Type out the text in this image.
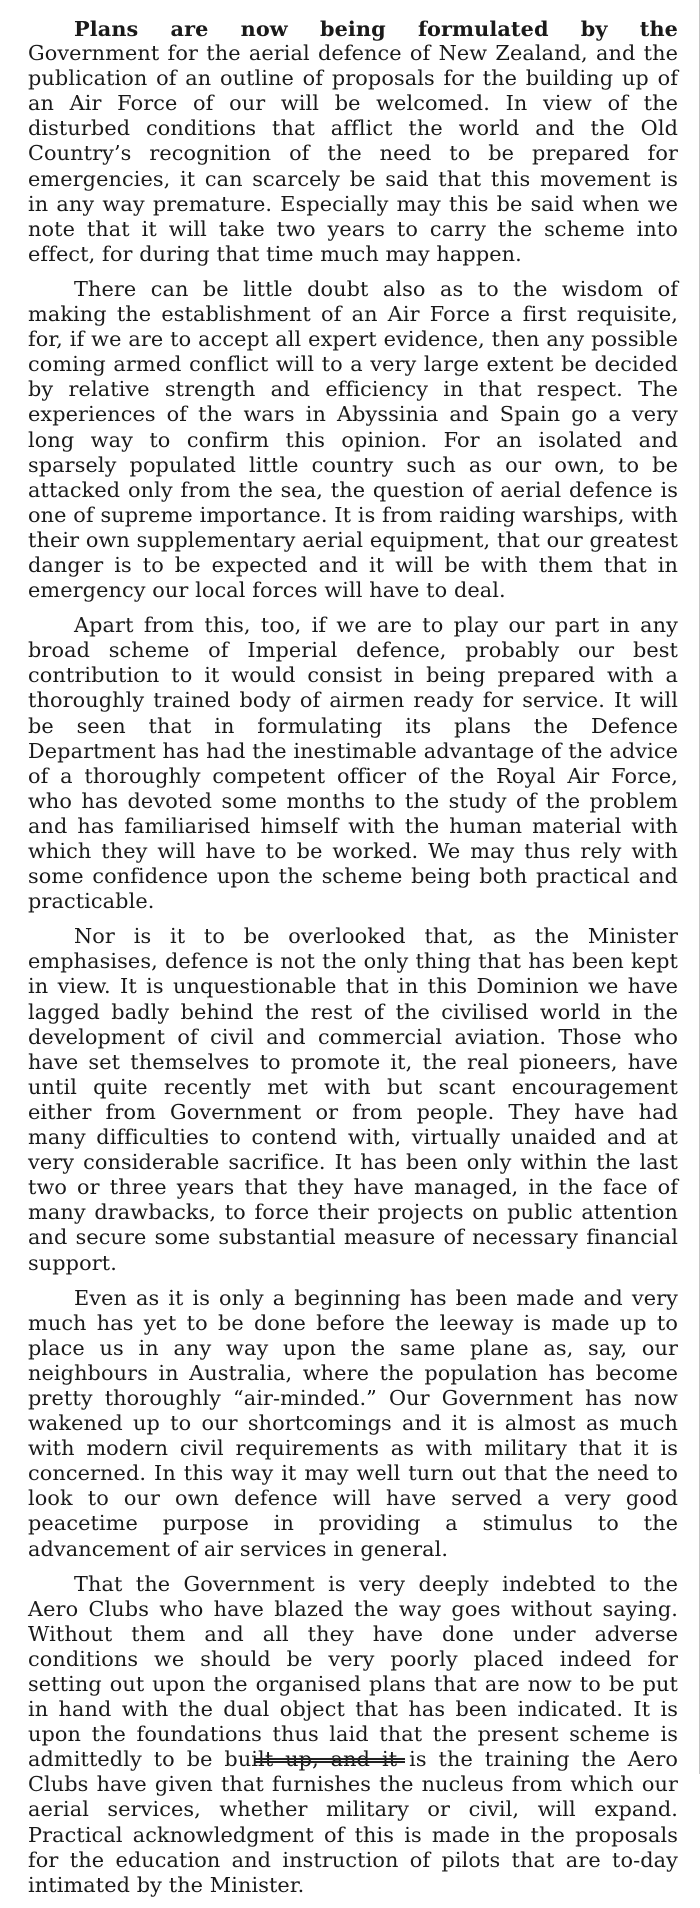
Plans are now being formulated by the Government for the aerial defence of New Zealand, and the publication of an outline of proposals for the building up of an Air Force of our will be welcomed. In view of the disturbed conditions that afflict the world and the Old Country’s recognition of the need to be prepared for emergencies, it can scarcely be said that this movement is in any way premature. Especially may this be said when we note that it will take two years to carry the scheme into effect, for during that time much may happen.

There can be little doubt also as to the wisdom of making the establishment of an Air Force a first requisite, for, if we are to accept all expert evidence, then any possible coming armed conflict will to a very large extent be decided by relative strength and efficiency in that respect. The experiences of the wars in Abyssinia and Spain go a very long way to confirm this opinion. For an isolated and sparsely populated little country such as our own, to be attacked only from the sea, the question of aerial defence is one of supreme importance. It is from raiding warships, with their own supplementary aerial equipment, that our greatest danger is to be expected and it will be with them that in emergency our local forces will have to deal.

Apart from this, too, if we are to play our part in any broad scheme of Imperial defence, probably our best contribution to it would consist in being prepared with a thoroughly trained body of airmen ready for service. It will be seen that in formulating its plans the Defence Department has had the inestimable advantage of the advice of a thoroughly competent officer of the Royal Air Force, who has devoted some months to the study of the problem and has familiarised himself with the human material with which they will have to be worked. We may thus rely with some confidence upon the scheme being both practical and practicable.

Nor is it to be overlooked that, as the Minister emphasises, defence is not the only thing that has been kept in view. It is unquestionable that in this Dominion we have lagged badly behind the rest of the civilised world in the development of civil and commercial aviation. Those who have set themselves to promote it, the real pioneers, have until quite recently met with but scant encouragement either from Government or from people. They have had many difficulties to contend with, virtually unaided and at very considerable sacrifice. It has been only within the last two or three years that they have managed, in the face of many drawbacks, to force their projects on public attention and secure some substantial measure of necessary financial support.

Even as it is only a beginning has been made and very much has yet to be done before the leeway is made up to place us in any way upon the same plane as, say, our neighbours in Australia, where the population has become pretty thoroughly “air-minded.” Our Government has now wakened up to our shortcomings and it is almost as much with modern civil requirements as with military that it is concerned. In this way it may well turn out that the need to look to our own defence will have served a very good peacetime purpose in providing a stimulus to the advancement of air services in general.

That the Government is very deeply indebted to the Aero Clubs who have blazed the way goes without saying. Without them and all they have done under adverse conditions we should be very poorly placed indeed for setting out upon the organised plans that are now to be put in hand with the dual object that has been indicated. It is upon the foundations thus laid that the present scheme is admittedly to be built up, and it is the training the Aero Clubs have given that furnishes the nucleus from which our aerial services, whether military or civil, will expand. Practical acknowledgment of this is made in the proposals for the education and instruction of pilots that are to-day intimated by the Minister.
